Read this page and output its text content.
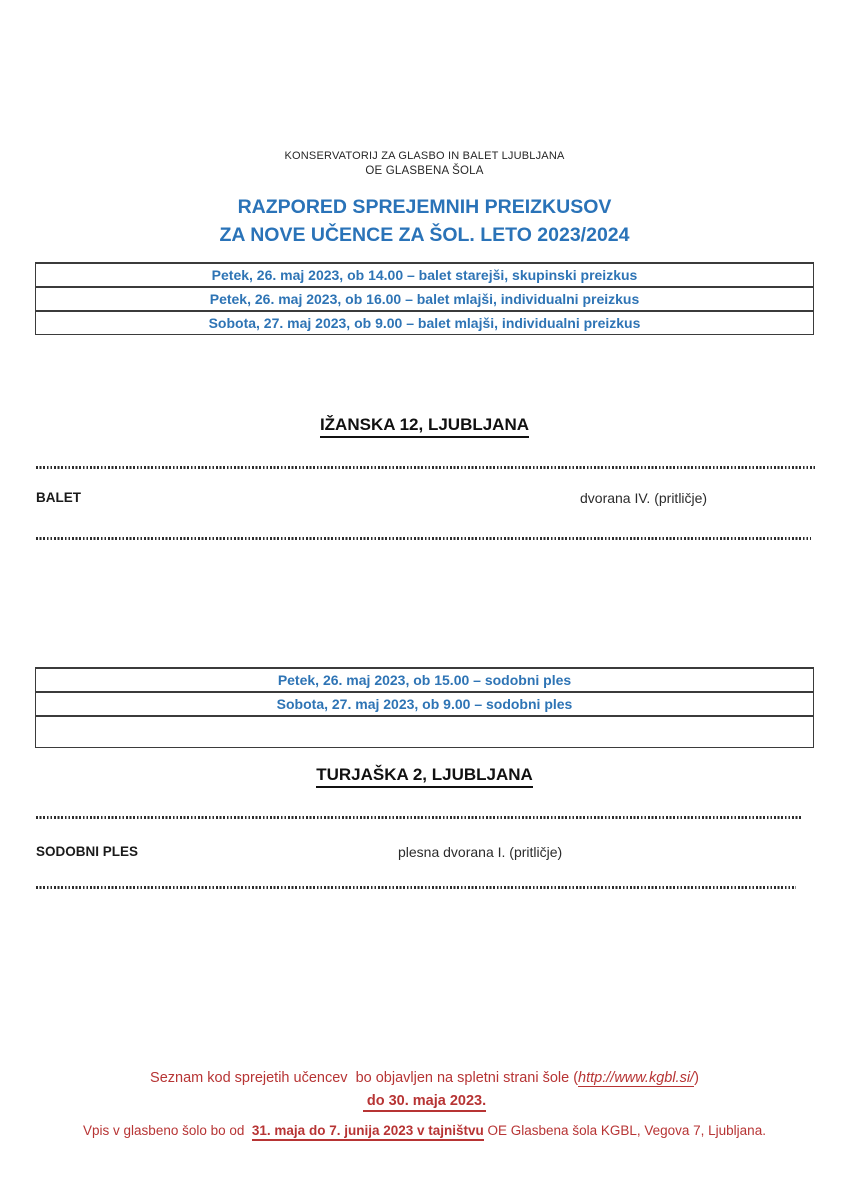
KONSERVATORIJ ZA GLASBO IN BALET LJUBLJANA
OE GLASBENA ŠOLA
RAZPORED SPREJEMNIH PREIZKUSOV
ZA NOVE UČENCE ZA ŠOL. LETO 2023/2024
Petek, 26. maj 2023, ob 14.00 – balet starejši, skupinski preizkus
Petek, 26. maj 2023, ob 16.00 – balet mlajši, individualni preizkus
Sobota, 27. maj 2023, ob 9.00 – balet mlajši, individualni preizkus
IŽANSKA 12, LJUBLJANA
BALET	dvorana IV. (pritličje)
Petek, 26. maj 2023, ob 15.00 – sodobni ples
Sobota, 27. maj 2023, ob 9.00 – sodobni ples
TURJAŠKA 2, LJUBLJANA
SODOBNI PLES	plesna dvorana I. (pritličje)
Seznam kod sprejetih učencev  bo objavljen na spletni strani šole (http://www.kgbl.si/)
do 30. maja 2023.
Vpis v glasbeno šolo bo od  31. maja do 7. junija 2023 v tajništvu OE Glasbena šola KGBL, Vegova 7, Ljubljana.
